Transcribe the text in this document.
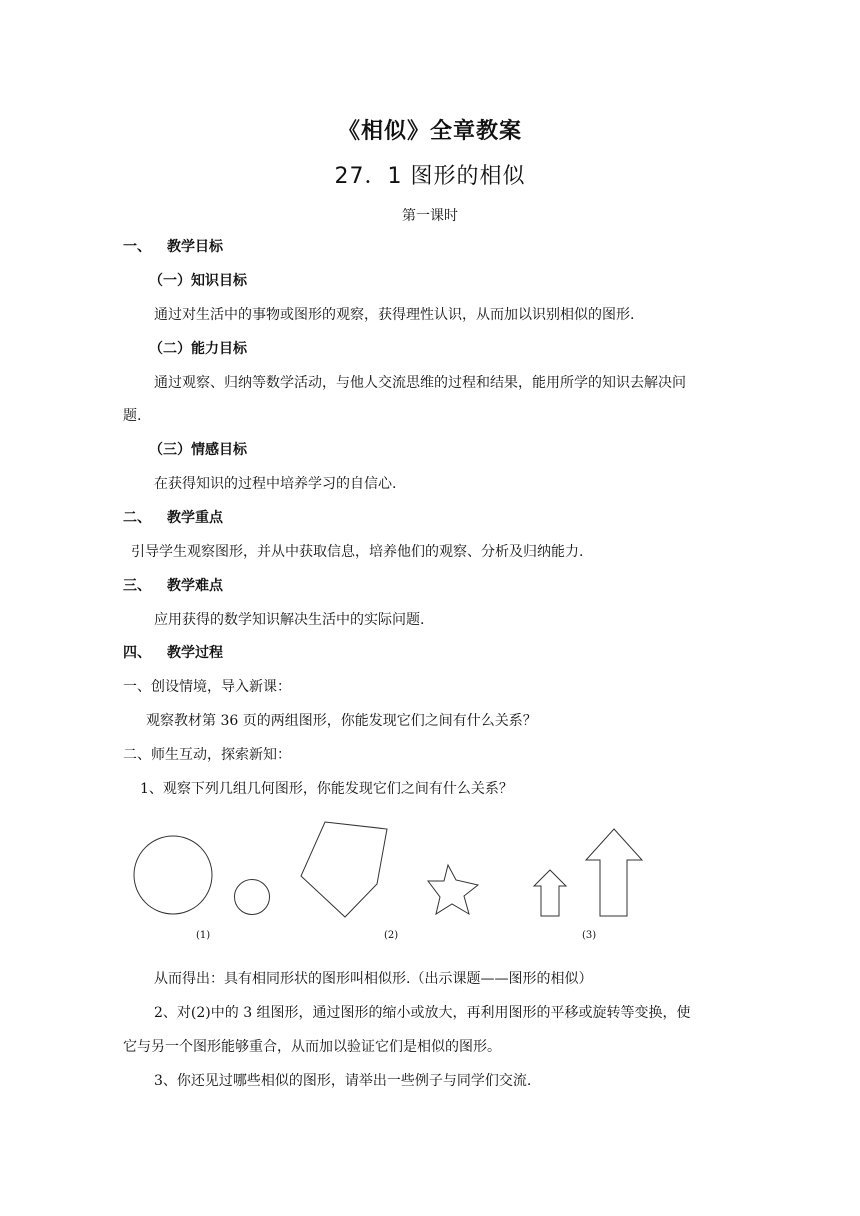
《相似》全章教案
27．1 图形的相似
第一课时
一、 教学目标
（一）知识目标
通过对生活中的事物或图形的观察，获得理性认识，从而加以识别相似的图形.
（二）能力目标
通过观察、归纳等数学活动，与他人交流思维的过程和结果，能用所学的知识去解决问
题.
（三）情感目标
在获得知识的过程中培养学习的自信心.
二、 教学重点
引导学生观察图形，并从中获取信息，培养他们的观察、分析及归纳能力.
三、 教学难点
应用获得的数学知识解决生活中的实际问题.
四、 教学过程
一、创设情境，导入新课：
观察教材第 36 页的两组图形，你能发现它们之间有什么关系？
二、师生互动，探索新知：
1、观察下列几组几何图形，你能发现它们之间有什么关系？
(1)	(2)	(3)
从而得出：具有相同形状的图形叫相似形.（出示课题——图形的相似）
2、对(2)中的 3 组图形，通过图形的缩小或放大，再利用图形的平移或旋转等变换，使
它与另一个图形能够重合，从而加以验证它们是相似的图形。
3、你还见过哪些相似的图形，请举出一些例子与同学们交流.
